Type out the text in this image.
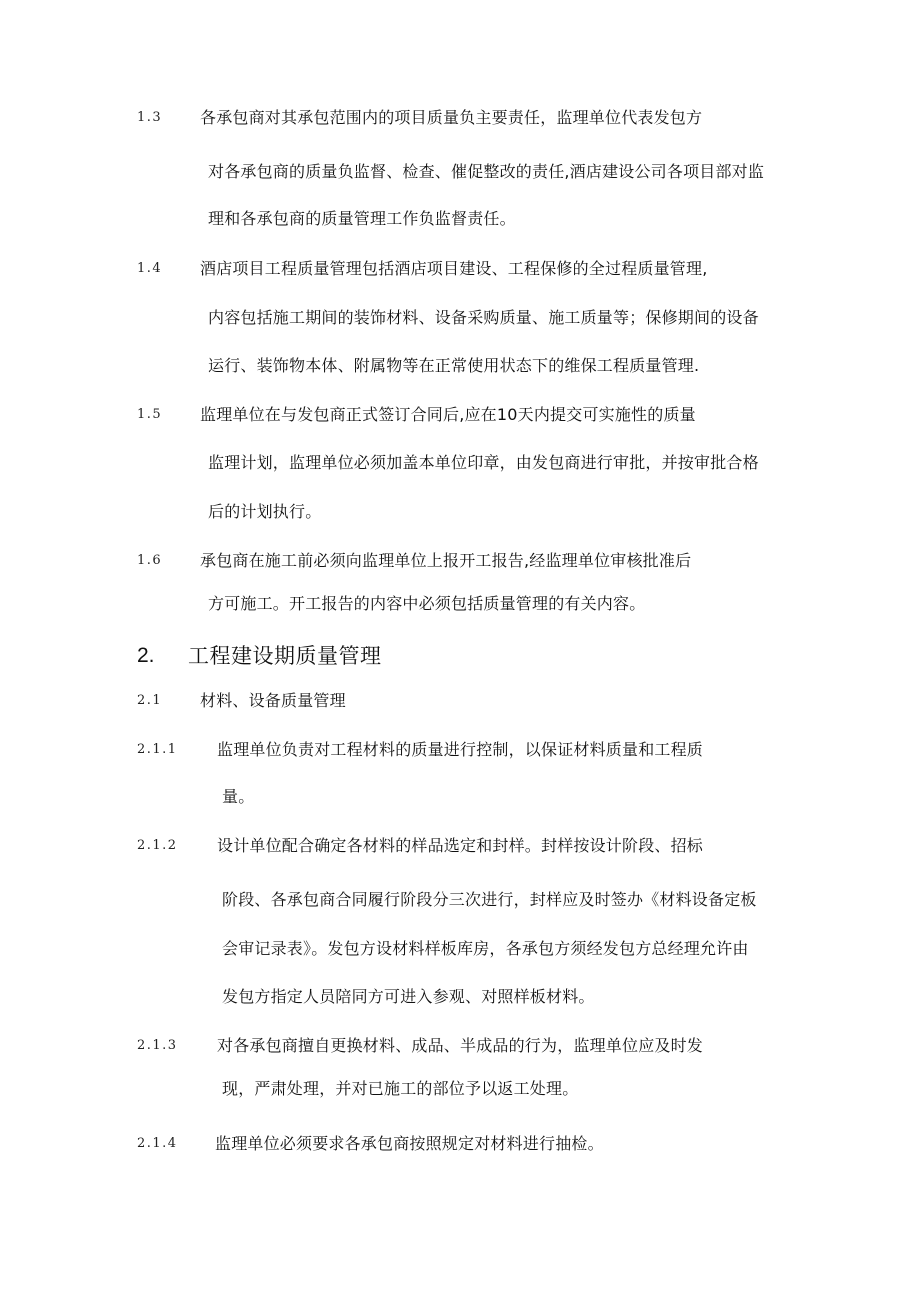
1.3 各承包商对其承包范围内的项目质量负主要责任，监理单位代表发包方
对各承包商的质量负监督、检查、催促整改的责任,酒店建设公司各项目部对监
理和各承包商的质量管理工作负监督责任。
1.4 酒店项目工程质量管理包括酒店项目建设、工程保修的全过程质量管理,
内容包括施工期间的装饰材料、设备采购质量、施工质量等；保修期间的设备
运行、装饰物本体、附属物等在正常使用状态下的维保工程质量管理.
1.5 监理单位在与发包商正式签订合同后,应在10天内提交可实施性的质量
监理计划，监理单位必须加盖本单位印章，由发包商进行审批，并按审批合格
后的计划执行。
1.6 承包商在施工前必须向监理单位上报开工报告,经监理单位审核批准后
方可施工。开工报告的内容中必须包括质量管理的有关内容。
2. 工程建设期质量管理
2.1 材料、设备质量管理
2.1.1 监理单位负责对工程材料的质量进行控制，以保证材料质量和工程质
量。
2.1.2 设计单位配合确定各材料的样品选定和封样。封样按设计阶段、招标
阶段、各承包商合同履行阶段分三次进行，封样应及时签办《材料设备定板
会审记录表》。发包方设材料样板库房，各承包方须经发包方总经理允许由
发包方指定人员陪同方可进入参观、对照样板材料。
2.1.3 对各承包商擅自更换材料、成品、半成品的行为，监理单位应及时发
现，严肃处理，并对已施工的部位予以返工处理。
2.1.4 监理单位必须要求各承包商按照规定对材料进行抽检。
